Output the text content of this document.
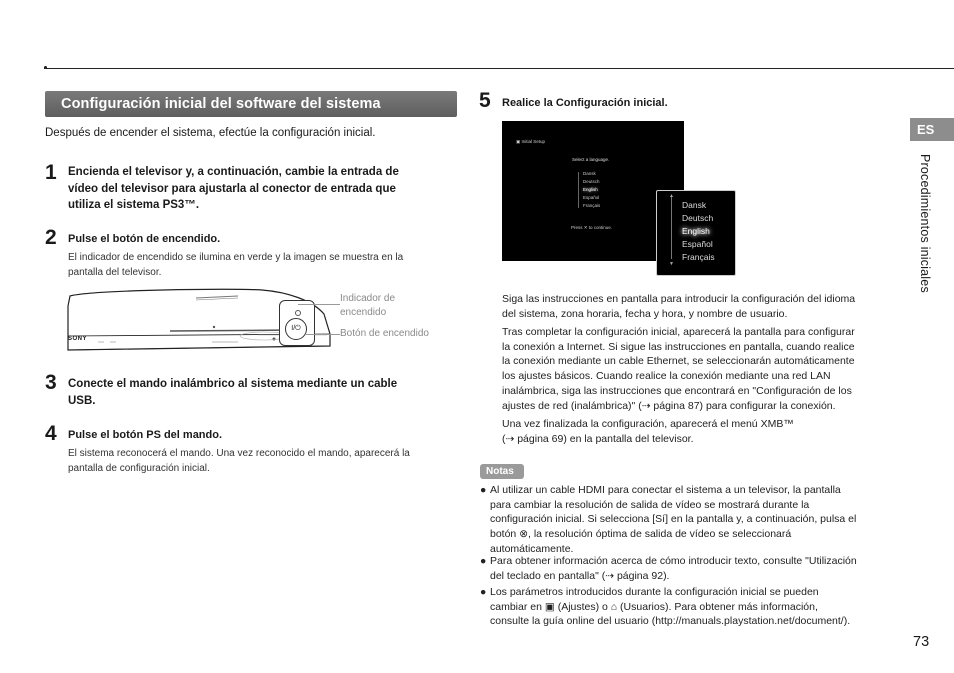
Configuración inicial del software del sistema
Después de encender el sistema, efectúe la configuración inicial.
1 Encienda el televisor y, a continuación, cambie la entrada de
vídeo del televisor para ajustarla al conector de entrada que
utiliza el sistema PS3™.
2 Pulse el botón de encendido.
El indicador de encendido se ilumina en verde y la imagen se muestra en la
pantalla del televisor.
SONY
I/⏻
Indicador de
encendido
Botón de encendido
3 Conecte el mando inalámbrico al sistema mediante un cable
USB.
4 Pulse el botón PS del mando.
El sistema reconocerá el mando. Una vez reconocido el mando, aparecerá la
pantalla de configuración inicial.
5 Realice la Configuración inicial.
▣ Initial Setup
Select a language.
Dansk
Deutsch
English
Español
Français
Press ✕ to continue.
▲
▼
Dansk
Deutsch
English
Español
Français
Siga las instrucciones en pantalla para introducir la configuración del idioma
del sistema, zona horaria, fecha y hora, y nombre de usuario.
Tras completar la configuración inicial, aparecerá la pantalla para configurar
la conexión a Internet. Si sigue las instrucciones en pantalla, cuando realice
la conexión mediante un cable Ethernet, se seleccionarán automáticamente
los ajustes básicos. Cuando realice la conexión mediante una red LAN
inalámbrica, siga las instrucciones que encontrará en "Configuración de los
ajustes de red (inalámbrica)" (⇢ página 87) para configurar la conexión.
Una vez finalizada la configuración, aparecerá el menú XMB™
(⇢ página 69) en la pantalla del televisor.
Notas
● Al utilizar un cable HDMI para conectar el sistema a un televisor, la pantalla
para cambiar la resolución de salida de vídeo se mostrará durante la
configuración inicial. Si selecciona [Sí] en la pantalla y, a continuación, pulsa el
botón ⊗, la resolución óptima de salida de vídeo se seleccionará
automáticamente.
● Para obtener información acerca de cómo introducir texto, consulte "Utilización
del teclado en pantalla" (⇢ página 92).
● Los parámetros introducidos durante la configuración inicial se pueden
cambiar en ▣ (Ajustes) o ⌂ (Usuarios). Para obtener más información,
consulte la guía online del usuario (http://manuals.playstation.net/document/).
ES
Procedimientos iniciales
73
